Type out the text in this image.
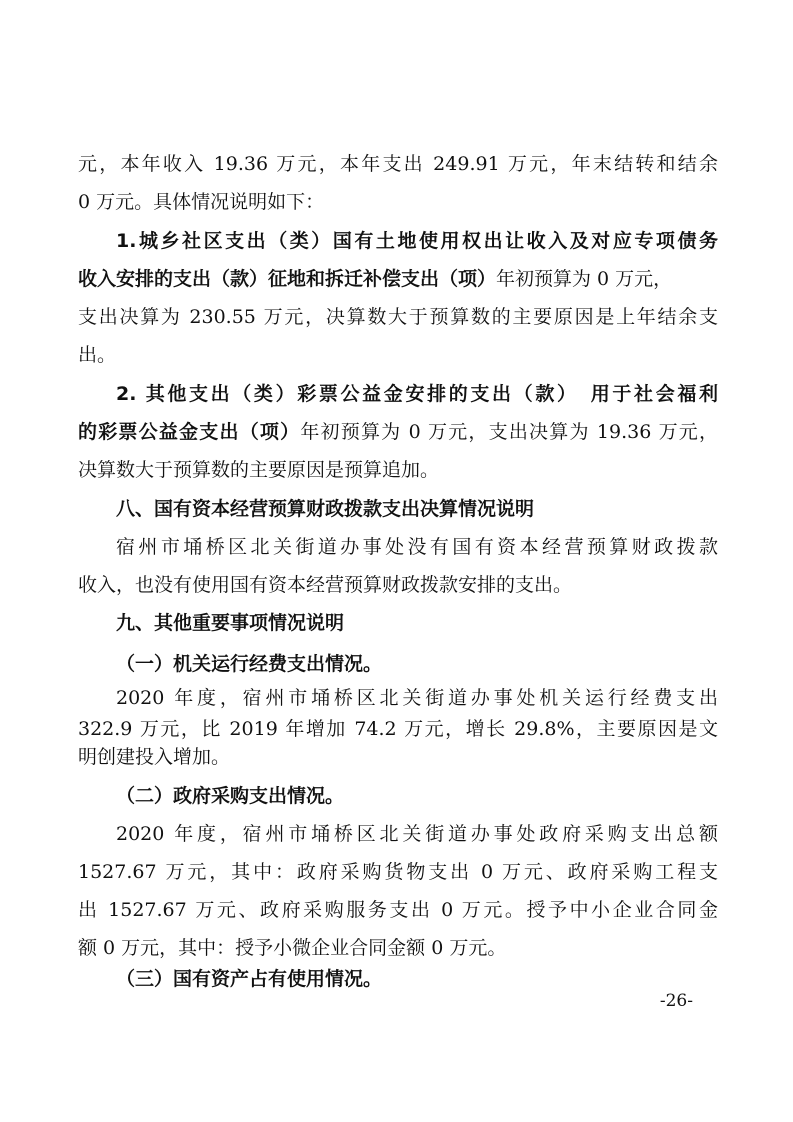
元，本年收入 19.36 万元，本年支出 249.91 万元，年末结转和结余
0 万元。具体情况说明如下：
1.城乡社区支出（类）国有土地使用权出让收入及对应专项债务
收入安排的支出（款）征地和拆迁补偿支出（项）年初预算为 0 万元，
支出决算为 230.55 万元，决算数大于预算数的主要原因是上年结余支
出。
2. 其他支出（类）彩票公益金安排的支出（款）　用于社会福利
的彩票公益金支出（项）年初预算为 0 万元，支出决算为 19.36 万元，
决算数大于预算数的主要原因是预算追加。
八、国有资本经营预算财政拨款支出决算情况说明
宿州市埇桥区北关街道办事处没有国有资本经营预算财政拨款
收入，也没有使用国有资本经营预算财政拨款安排的支出。
九、其他重要事项情况说明
（一）机关运行经费支出情况。
2020 年度，宿州市埇桥区北关街道办事处机关运行经费支出
322.9 万元，比 2019 年增加 74.2 万元，增长 29.8%，主要原因是文
明创建投入增加。
（二）政府采购支出情况。
2020 年度，宿州市埇桥区北关街道办事处政府采购支出总额
1527.67 万元，其中：政府采购货物支出 0 万元、政府采购工程支
出 1527.67 万元、政府采购服务支出 0 万元。授予中小企业合同金
额 0 万元，其中：授予小微企业合同金额 0 万元。
（三）国有资产占有使用情况。
-26-
